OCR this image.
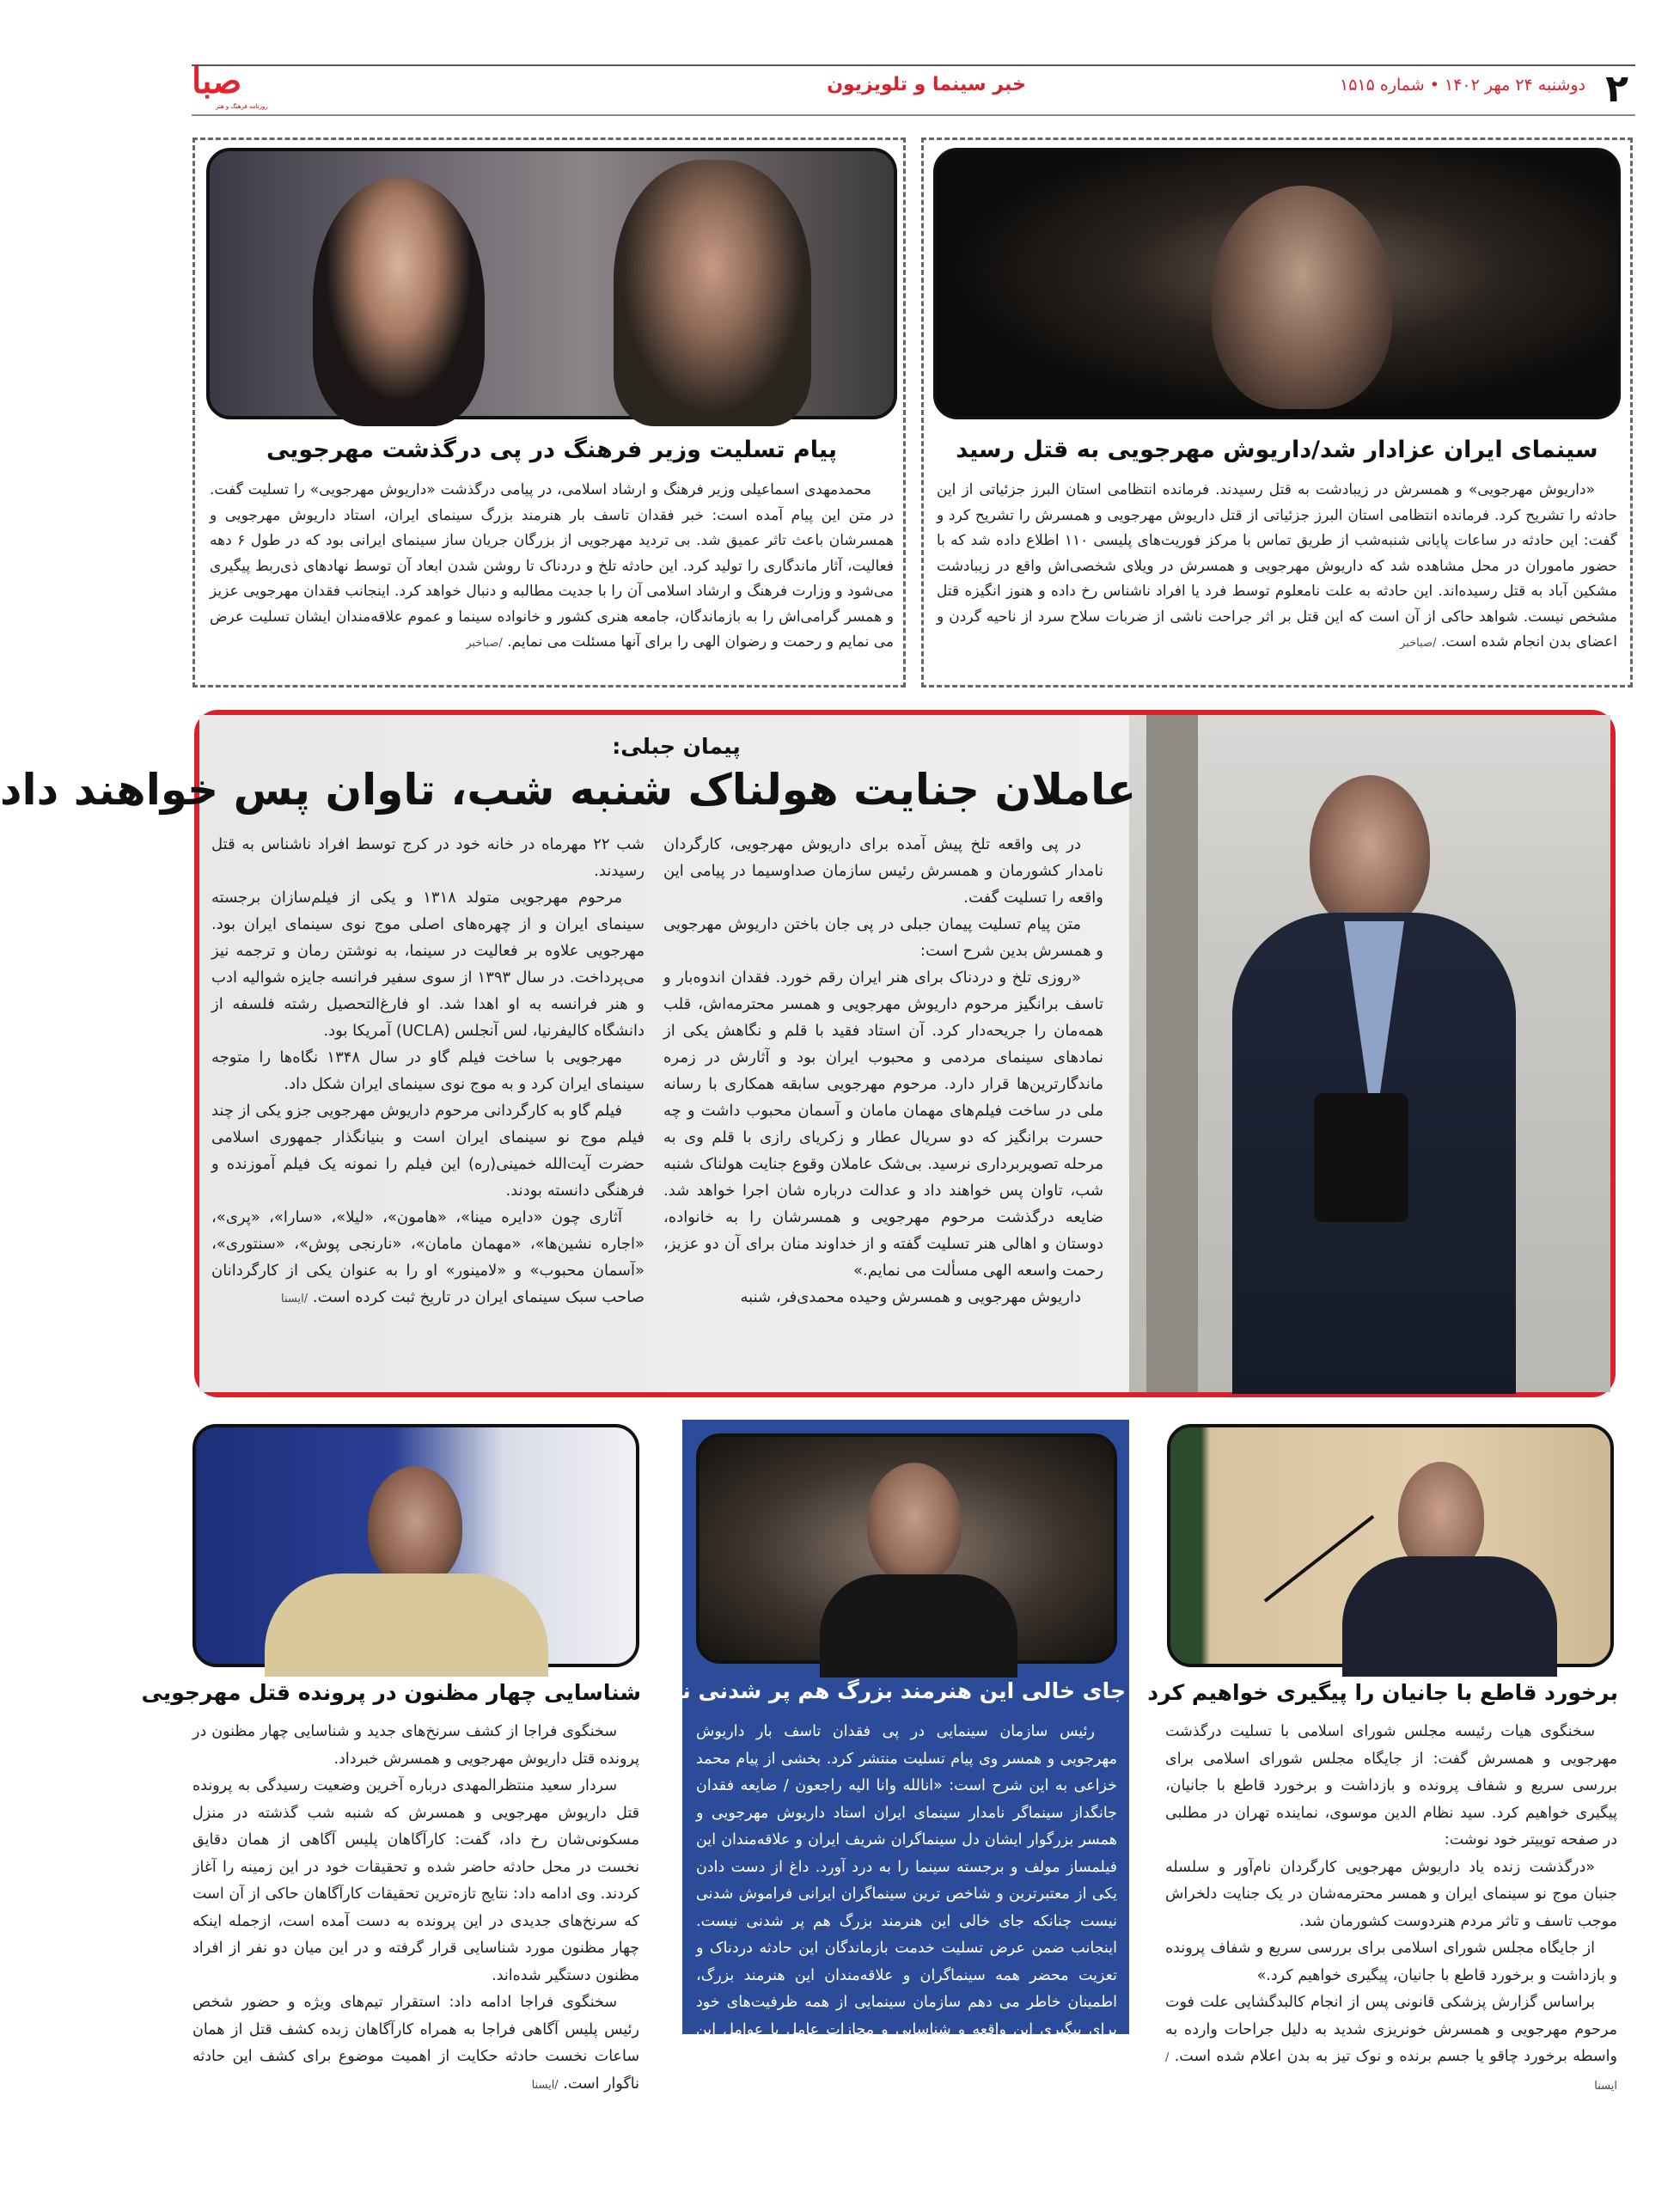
۲
دوشنبه ۲۴ مهر ۱۴۰۲ • شماره ۱۵۱۵
خبر سینما و تلویزیون
صبا
روزنامه فرهنگ و هنر
سینمای ایران عزادار شد/داریوش مهرجویی به قتل رسید

«داریوش مهرجویی» و همسرش در زیبادشت به قتل رسیدند. فرمانده انتظامی استان البرز جزئیاتی از این حادثه را تشریح کرد. فرمانده انتظامی استان البرز جزئیاتی از قتل داریوش مهرجویی و همسرش را تشریح کرد و گفت: این حادثه در ساعات پایانی شنبه‌شب از طریق تماس با مرکز فوریت‌های پلیسی ۱۱۰ اطلاع داده شد که با حضور ماموران در محل مشاهده شد که داریوش مهرجویی و همسرش در ویلای شخصی‌اش واقع در زیبادشت مشکین آباد به قتل رسیده‌اند. این حادثه به علت نامعلوم توسط فرد یا افراد ناشناس رخ داده و هنوز انگیزه قتل مشخص نیست. شواهد حاکی از آن است که این قتل بر اثر جراحت ناشی از ضربات سلاح سرد از ناحیه گردن و اعضای بدن انجام شده است. /صباخبر

پیام تسلیت وزیر فرهنگ در پی درگذشت مهرجویی

محمدمهدی اسماعیلی وزیر فرهنگ و ارشاد اسلامی، در پیامی درگذشت «داریوش مهرجویی» را تسلیت گفت. در متن این پیام آمده است: خبر فقدان تاسف بار هنرمند بزرگ سینمای ایران، استاد داریوش مهرجویی و همسرشان باعث تاثر عمیق شد. بی تردید مهرجویی از بزرگان جریان ساز سینمای ایرانی بود که در طول ۶ دهه فعالیت، آثار ماندگاری را تولید کرد. این حادثه تلخ و دردناک تا روشن شدن ابعاد آن توسط نهادهای ذی‌ربط پیگیری می‌شود و وزارت فرهنگ و ارشاد اسلامی آن را با جدیت مطالبه و دنبال خواهد کرد. اینجانب فقدان مهرجویی عزیز و همسر گرامی‌اش را به بازماندگان، جامعه هنری کشور و خانواده سینما و عموم علاقه‌مندان ایشان تسلیت عرض می نمایم و رحمت و رضوان الهی را برای آنها مسئلت می نمایم. /صباخبر

پیمان جبلی:
عاملان جنایت هولناک شنبه شب، تاوان پس خواهند داد

در پی واقعه تلخ پیش آمده برای داریوش مهرجویی، کارگردان نامدار کشورمان و همسرش رئیس سازمان صداوسیما در پیامی این واقعه را تسلیت گفت.

متن پیام تسلیت پیمان جبلی در پی جان باختن داریوش مهرجویی و همسرش بدین شرح است:

«روزی تلخ و دردناک برای هنر ایران رقم خورد. فقدان اندوه‌بار و تاسف برانگیز مرحوم داریوش مهرجویی و همسر محترمه‌اش، قلب همه‌مان را جریحه‌دار کرد. آن استاد فقید با قلم و نگاهش یکی از نمادهای سینمای مردمی و محبوب ایران بود و آثارش در زمره ماندگارترین‌ها قرار دارد. مرحوم مهرجویی سابقه همکاری با رسانه ملی در ساخت فیلم‌های مهمان مامان و آسمان محبوب داشت و چه حسرت برانگیز که دو سریال عطار و زکریای رازی با قلم وی به مرحله تصویربرداری نرسید. بی‌شک عاملان وقوع جنایت هولناک شنبه شب، تاوان پس خواهند داد و عدالت درباره شان اجرا خواهد شد. ضایعه درگذشت مرحوم مهرجویی و همسرشان را به خانواده، دوستان و اهالی هنر تسلیت گفته و از خداوند منان برای آن دو عزیز، رحمت واسعه الهی مسألت می نمایم.»

داریوش مهرجویی و همسرش وحیده محمدی‌فر، شنبه

شب ۲۲ مهرماه در خانه خود در کرج توسط افراد ناشناس به قتل رسیدند.

مرحوم مهرجویی متولد ۱۳۱۸ و یکی از فیلم‌سازان برجسته سینمای ایران و از چهره‌های اصلی موج نوی سینمای ایران بود. مهرجویی علاوه بر فعالیت در سینما، به نوشتن رمان و ترجمه نیز می‌پرداخت. در سال ۱۳۹۳ از سوی سفیر فرانسه جایزه شوالیه ادب و هنر فرانسه به او اهدا شد. او فارغ‌التحصیل رشته فلسفه از دانشگاه کالیفرنیا، لس آنجلس (UCLA) آمریکا بود.

مهرجویی با ساخت فیلم گاو در سال ۱۳۴۸ نگاه‌ها را متوجه سینمای ایران کرد و به موج نوی سینمای ایران شکل داد.

فیلم گاو به کارگردانی مرحوم داریوش مهرجویی جزو یکی از چند فیلم موج نو سینمای ایران است و بنیانگذار جمهوری اسلامی حضرت آیت‌الله خمینی(ره) این فیلم را نمونه یک فیلم آموزنده و فرهنگی دانسته بودند.

آثاری چون «دایره مینا»، «هامون»، «لیلا»، «سارا»، «پری»، «اجاره نشین‌ها»، «مهمان مامان»، «نارنجی پوش»، «سنتوری»، «آسمان محبوب» و «لامینور» او را به عنوان یکی از کارگردانان صاحب سبک سینمای ایران در تاریخ ثبت کرده است. /ایسنا

برخورد قاطع با جانیان را پیگیری خواهیم کرد

سخنگوی هیات رئیسه مجلس شورای اسلامی با تسلیت درگذشت مهرجویی و همسرش گفت: از جایگاه مجلس شورای اسلامی برای بررسی سریع و شفاف پرونده و بازداشت و برخورد قاطع با جانیان، پیگیری خواهیم کرد. سید نظام الدین موسوی، نماینده تهران در مطلبی در صفحه توییتر خود نوشت:

«درگذشت زنده یاد داریوش مهرجویی کارگردان نام‌آور و سلسله جنبان موج نو سینمای ایران و همسر محترمه‌شان در یک جنایت دلخراش موجب تاسف و تاثر مردم هنردوست کشورمان شد.

از جایگاه مجلس شورای اسلامی برای بررسی سریع و شفاف پرونده و بازداشت و برخورد قاطع با جانیان، پیگیری خواهیم کرد.»

براساس گزارش پزشکی قانونی پس از انجام کالبدگشایی علت فوت مرحوم مهرجویی و همسرش خونریزی شدید به دلیل جراحات وارده به واسطه برخورد چاقو یا جسم برنده و نوک تیز به بدن اعلام شده است. /ایسنا

جای خالی این هنرمند بزرگ هم پر شدنی نیست

رئیس سازمان سینمایی در پی فقدان تاسف بار داریوش مهرجویی و همسر وی پیام تسلیت منتشر کرد. بخشی از پیام محمد خزاعی به این شرح است: «انالله وانا الیه راجعون / ضایعه فقدان جانگداز سینماگر نامدار سینمای ایران استاد داریوش مهرجویی و همسر بزرگوار ایشان دل سینماگران شریف ایران و علاقه‌مندان این فیلمساز مولف و برجسته سینما را به درد آورد. داغ از دست دادن یکی از معتبرترین و شاخص ترین سینماگران ایرانی فراموش شدنی نیست چنانکه جای خالی این هنرمند بزرگ هم پر شدنی نیست. اینجانب ضمن عرض تسلیت خدمت بازماندگان این حادثه دردناک و تعزیت محضر همه سینماگران و علاقه‌مندان این هنرمند بزرگ، اطمینان خاطر می دهم سازمان سینمایی از همه ظرفیت‌های خود برای پیگیری این واقعه و شناسایی و مجازات عامل یا عوامل این جنایت نابخشودنی استفاده خواهد کرد و تا حصول نتیجه و روشن شدن همه ابعاد ماجرا ذره‌ای دریغ نخواهد کرد.

محمد خزاعی / رئیس سازمان سینمایی کشور» /ایسنا

شناسایی چهار مظنون در پرونده قتل مهرجویی

سخنگوی فراجا از کشف سرنخ‌های جدید و شناسایی چهار مظنون در پرونده قتل داریوش مهرجویی و همسرش خبرداد.

سردار سعید منتظرالمهدی درباره آخرین وضعیت رسیدگی به پرونده قتل داریوش مهرجویی و همسرش که شنبه شب گذشته در منزل مسکونی‌شان رخ داد، گفت: کارآگاهان پلیس آگاهی از همان دقایق نخست در محل حادثه حاضر شده و تحقیقات خود در این زمینه را آغاز کردند. وی ادامه داد: نتایج تازه‌ترین تحقیقات کارآگاهان حاکی از آن است که سرنخ‌های جدیدی در این پرونده به دست آمده است، ازجمله اینکه چهار مظنون مورد شناسایی قرار گرفته و در این میان دو نفر از افراد مظنون دستگیر شده‌اند.

سخنگوی فراجا ادامه داد: استقرار تیم‌های ویژه و حضور شخص رئیس پلیس آگاهی فراجا به همراه کارآگاهان زبده کشف قتل از همان ساعات نخست حادثه حکایت از اهمیت موضوع برای کشف این حادثه ناگوار است. /ایسنا
